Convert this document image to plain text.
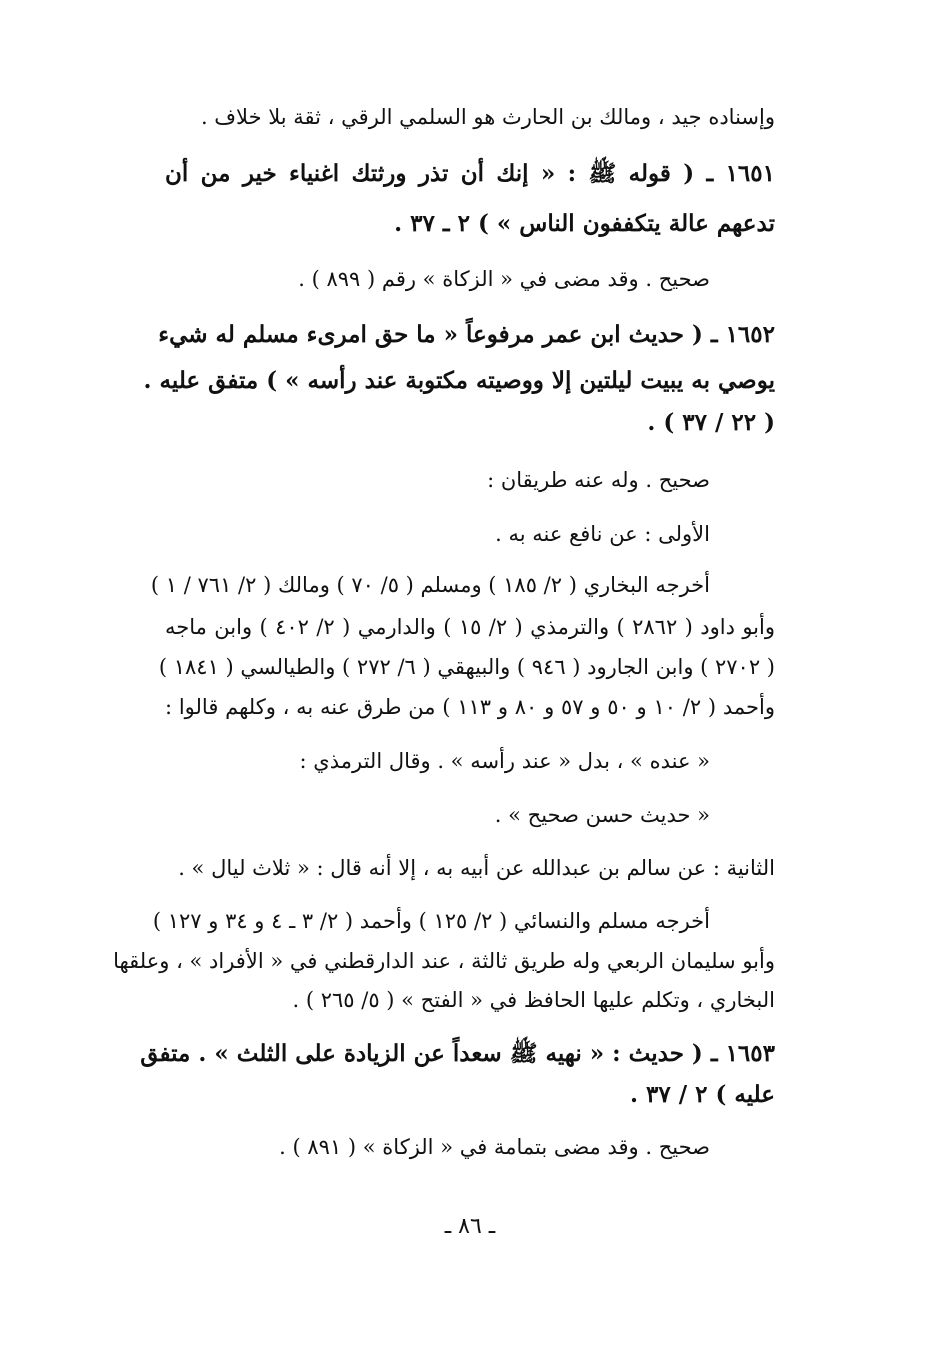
وإسناده جيد ، ومالك بن الحارث هو السلمي الرقي ، ثقة بلا خلاف .
١٦٥١ ـ ( قوله ﷺ : « إنك أن تذر ورثتك اغنياء خير من أن
تدعهم عالة يتكففون الناس » ) ٢ ـ ٣٧ .
صحيح . وقد مضى في « الزكاة » رقم ( ٨٩٩ ) .
١٦٥٢ ـ ( حديث ابن عمر مرفوعاً « ما حق امرىء مسلم له شيء
يوصي به يبيت ليلتين إلا ووصيته مكتوبة عند رأسه » ) متفق عليه .
( ٢٢ / ٣٧ ) .
صحيح . وله عنه طريقان :
الأولى : عن نافع عنه به .
أخرجه البخاري ( ٢/ ١٨٥ ) ومسلم ( ٥/ ٧٠ ) ومالك ( ٢/ ٧٦١ / ١ )
وأبو داود ( ٢٨٦٢ ) والترمذي ( ٢/ ١٥ ) والدارمي ( ٢/ ٤٠٢ ) وابن ماجه
( ٢٧٠٢ ) وابن الجارود ( ٩٤٦ ) والبيهقي ( ٦/ ٢٧٢ ) والطيالسي ( ١٨٤١ )
وأحمد ( ٢/ ١٠ و ٥٠ و ٥٧ و ٨٠ و ١١٣ ) من طرق عنه به ، وكلهم قالوا :
« عنده » ، بدل « عند رأسه » . وقال الترمذي :
« حديث حسن صحيح » .
الثانية : عن سالم بن عبدالله عن أبيه به ، إلا أنه قال : « ثلاث ليال » .
أخرجه مسلم والنسائي ( ٢/ ١٢٥ ) وأحمد ( ٢/ ٣ ـ ٤ و ٣٤ و ١٢٧ )
وأبو سليمان الربعي وله طريق ثالثة ، عند الدارقطني في « الأفراد » ، وعلقها
البخاري ، وتكلم عليها الحافظ في « الفتح » ( ٥/ ٢٦٥ ) .
١٦٥٣ ـ ( حديث : « نهيه ﷺ سعداً عن الزيادة على الثلث » . متفق
عليه ) ٢ / ٣٧ .
صحيح . وقد مضى بتمامة في « الزكاة » ( ٨٩١ ) .
ـ ٨٦ ـ
